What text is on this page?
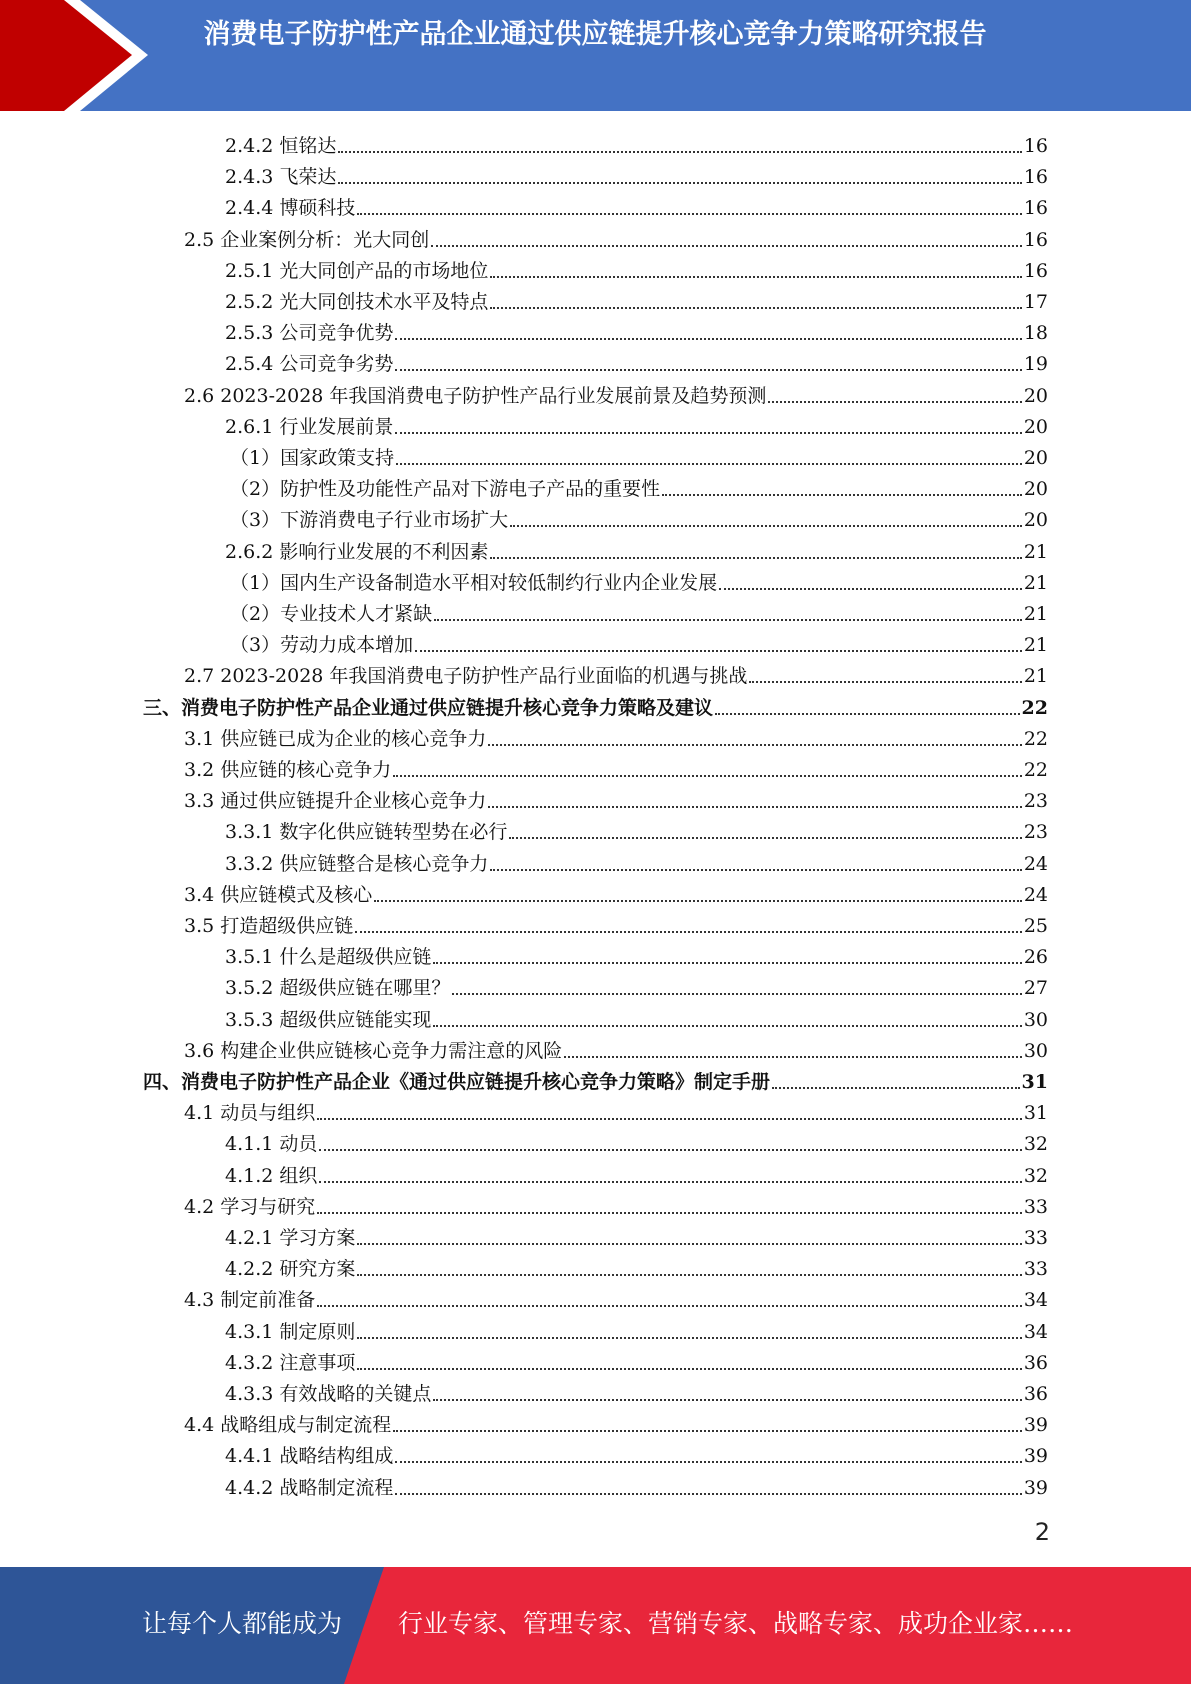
消费电子防护性产品企业通过供应链提升核心竞争力策略研究报告
2.4.2 恒铭达	16
2.4.3 飞荣达	16
2.4.4 博硕科技	16
2.5 企业案例分析：光大同创	16
2.5.1 光大同创产品的市场地位	16
2.5.2 光大同创技术水平及特点	17
2.5.3 公司竞争优势	18
2.5.4 公司竞争劣势	19
2.6 2023-2028 年我国消费电子防护性产品行业发展前景及趋势预测	20
2.6.1 行业发展前景	20
（1）国家政策支持	20
（2）防护性及功能性产品对下游电子产品的重要性	20
（3）下游消费电子行业市场扩大	20
2.6.2 影响行业发展的不利因素	21
（1）国内生产设备制造水平相对较低制约行业内企业发展	21
（2）专业技术人才紧缺	21
（3）劳动力成本增加	21
2.7 2023-2028 年我国消费电子防护性产品行业面临的机遇与挑战	21
三、消费电子防护性产品企业通过供应链提升核心竞争力策略及建议	22
3.1 供应链已成为企业的核心竞争力	22
3.2 供应链的核心竞争力	22
3.3 通过供应链提升企业核心竞争力	23
3.3.1 数字化供应链转型势在必行	23
3.3.2 供应链整合是核心竞争力	24
3.4 供应链模式及核心	24
3.5 打造超级供应链	25
3.5.1 什么是超级供应链	26
3.5.2 超级供应链在哪里？	27
3.5.3 超级供应链能实现	30
3.6 构建企业供应链核心竞争力需注意的风险	30
四、消费电子防护性产品企业《通过供应链提升核心竞争力策略》制定手册	31
4.1 动员与组织	31
4.1.1 动员	32
4.1.2 组织	32
4.2 学习与研究	33
4.2.1 学习方案	33
4.2.2 研究方案	33
4.3 制定前准备	34
4.3.1 制定原则	34
4.3.2 注意事项	36
4.3.3 有效战略的关键点	36
4.4 战略组成与制定流程	39
4.4.1 战略结构组成	39
4.4.2 战略制定流程	39
2
让每个人都能成为 行业专家、管理专家、营销专家、战略专家、成功企业家……
